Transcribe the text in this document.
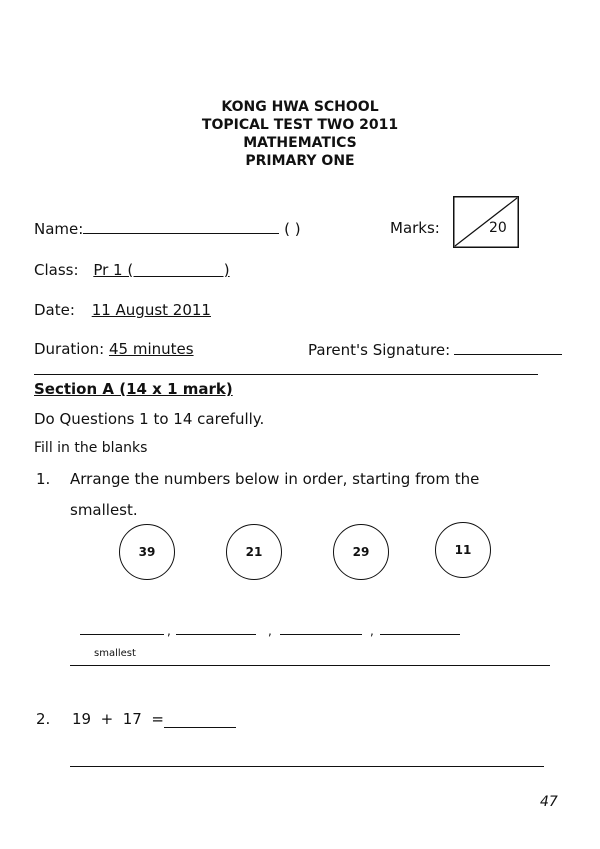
KONG HWA SCHOOL
TOPICAL TEST TWO 2011
MATHEMATICS
PRIMARY ONE
Name:	( )	Marks:	20
Class: Pr 1 (                   )
Date: 11 August 2011
Duration: 45 minutes	Parent's Signature:
Section A (14 x 1 mark)
Do Questions 1 to 14 carefully.
Fill in the blanks
1. Arrange the numbers below in order, starting from the
smallest.
39	21	29	11
,	,	,
smallest
2. 19  +  17  =
47
